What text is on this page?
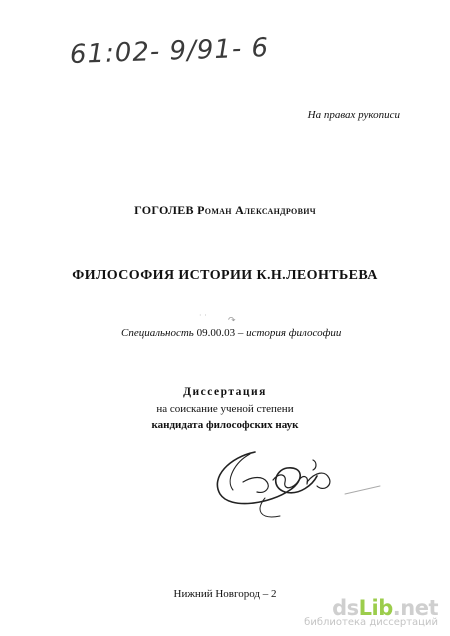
61:02- 9/91- 6
На правах рукописи
ГОГОЛЕВ Роман Александрович
ФИЛОСОФИЯ ИСТОРИИ К.Н.ЛЕОНТЬЕВА
· ·
↷
Специальность 09.00.03 – история философии
Диссертация
на соискание ученой степени
кандидата философских наук
Нижний Новгород – 2
dsLib.net
библиотека диссертаций
